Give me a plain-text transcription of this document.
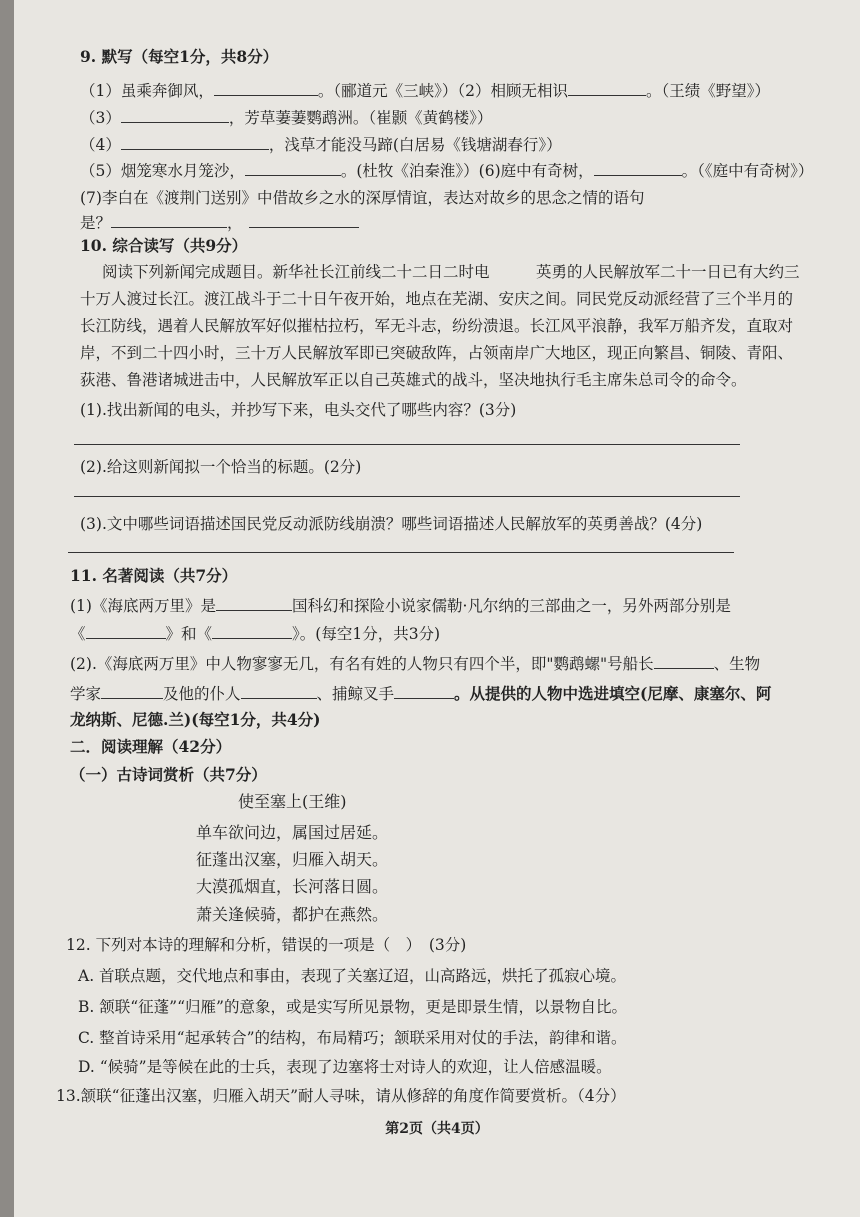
9. 默写（每空1分，共8分）
（1）虽乘奔御风，	。（郦道元《三峡》）（2）相顾无相识	。（王绩《野望》）
（3）	，芳草萋萋鹦鹉洲。（崔颢《黄鹤楼》）
（4）	，浅草才能没马蹄(白居易《钱塘湖春行》）
（5）烟笼寒水月笼沙，	。(杜牧《泊秦淮》）(6)庭中有奇树，	。（《庭中有奇树》）
(7)李白在《渡荆门送别》中借故乡之水的深厚情谊，表达对故乡的思念之情的语句
是？	，
10. 综合读写（共9分）
阅读下列新闻完成题目。新华社长江前线二十二日二时电　　　英勇的人民解放军二十一日已有大约三
十万人渡过长江。渡江战斗于二十日午夜开始，地点在芜湖、安庆之间。同民党反动派经营了三个半月的
长江防线，遇着人民解放军好似摧枯拉朽，军无斗志，纷纷溃退。长江风平浪静，我军万船齐发，直取对
岸，不到二十四小时，三十万人民解放军即已突破敌阵，占领南岸广大地区，现正向繁昌、铜陵、青阳、
荻港、鲁港诸城进击中，人民解放军正以自己英雄式的战斗，坚决地执行毛主席朱总司令的命令。
(1).找出新闻的电头，并抄写下来，电头交代了哪些内容？(3分)
(2).给这则新闻拟一个恰当的标题。(2分)
(3).文中哪些词语描述国民党反动派防线崩溃？哪些词语描述人民解放军的英勇善战？(4分)
11. 名著阅读（共7分）
(1)《海底两万里》是	国科幻和探险小说家儒勒·凡尔纳的三部曲之一，另外两部分别是
《	》和《	》。(每空1分，共3分)
(2).《海底两万里》中人物寥寥无几，有名有姓的人物只有四个半，即"鹦鹉螺"号船长	、生物
学家	及他的仆人	、捕鲸叉手	。从提供的人物中选进填空(尼摩、康塞尔、阿
龙纳斯、尼德.兰)(每空1分，共4分)
二．阅读理解（42分）
（一）古诗词赏析（共7分）
使至塞上(王维)
单车欲问边，属国过居延。
征蓬出汉塞，归雁入胡天。
大漠孤烟直，长河落日圆。
萧关逢候骑，都护在燕然。
12. 下列对本诗的理解和分析，错误的一项是（　）　(3分)
A. 首联点题，交代地点和事由，表现了关塞辽迢，山高路远，烘托了孤寂心境。
B. 颔联“征蓬”“归雁”的意象，或是实写所见景物，更是即景生情，以景物自比。
C. 整首诗采用“起承转合”的结构，布局精巧；颔联采用对仗的手法，韵律和谐。
D. “候骑”是等候在此的士兵，表现了边塞将士对诗人的欢迎，让人倍感温暖。
13.颔联“征蓬出汉塞，归雁入胡天”耐人寻味，请从修辞的角度作简要赏析。（4分）
第2页（共4页）
